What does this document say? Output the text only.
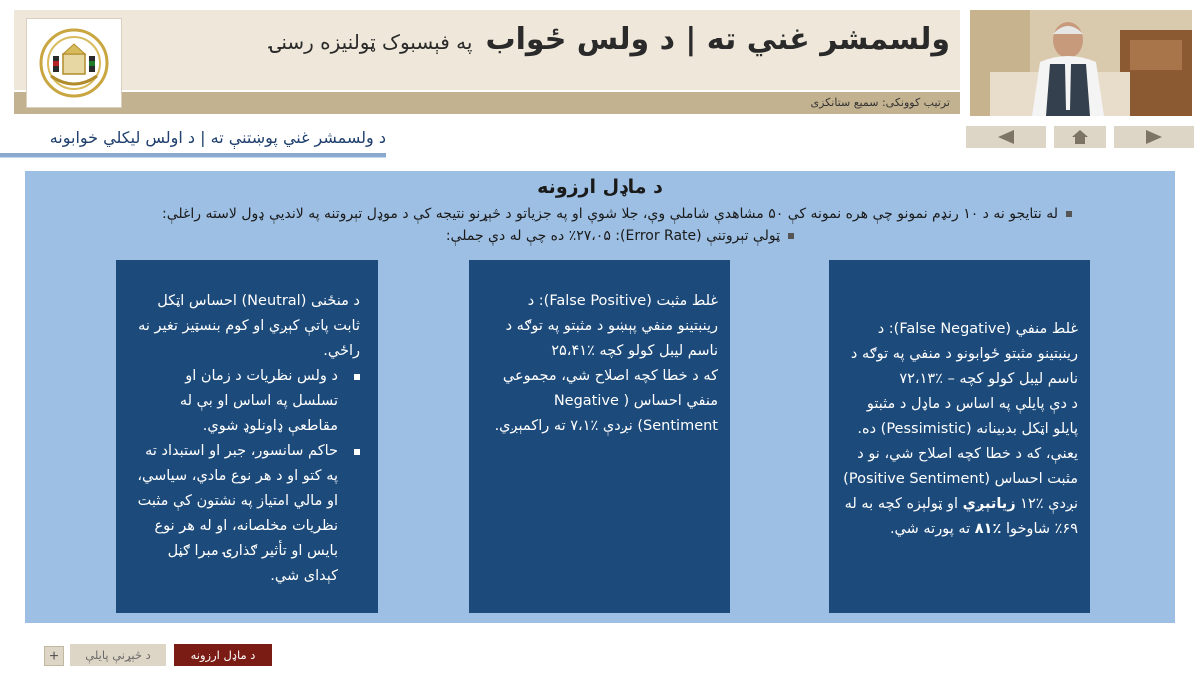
ولسمشر غني ته | د ولس ځواب په فېسبوک ټولنيزه رسنۍ
ترتيب کوونکی: سمیع ستانکزی
د ولسمشر غني پوښتنې ته | د اولس ليکلي خوابونه
د ماډل ارزونه
له نتايجو نه د ۱۰ رنډم نمونو چې هره نمونه کې ۵۰ مشاهدې شاملې وې، جلا شوې او په جزياتو د څېړنو نتيجه کې د موډل تېروتنه په لانديې ډول لاسته راغلې:
ټولې تېروتنې (Error Rate): ٪۲۷،۰۵ ده چې له دې جملې:

غلط منفي (False Negative): د

رينبتينو مثبتو ځوابونو د منفي په توګه د

ناسم ليبل کولو کچه – ٪۷۲،۱۳

د دې پايلې په اساس د ماډل د مثبتو

پايلو اټکل بدبينانه (Pessimistic) ده.

يعنې، که د خطا کچه اصلاح شي، نو د

مثبت احساس (Positive Sentiment)

نږدې ٪۱۲ زياتېږي او ټولېزه کچه به له

٪۶۹ شاوخوا ٪۸۱ ته پورته شي.

غلط مثبت (False Positive): د

رينبتينو منفي پېښو د مثبتو په توګه د

ناسم ليبل کولو کچه ٪۲۵،۴۱

که د خطا کچه اصلاح شي، مجموعي

منفي احساس ( Negative

Sentiment) نږدې ٪۷،۱ ته راکمېږي.

د منځنی (Neutral) احساس اټکل ثابت پاتې کېږي او کوم بنسټيز تغير نه راځي.

د ولس نظريات د زمان او تسلسل په اساس او بې له مقاطعې ډاونلوډ شوي.
حاکم سانسور، جبر او استبداد ته په کتو او د هر نوع مادي، سياسي، او مالي امتياز په نشتون کې مثبت نظريات مخلصانه، او له هر نوع بايس او تأثير ګذارۍ مبرا ګڼل کېدای شي.
+	د څېړنې پايلې	د ماډل ارزونه
